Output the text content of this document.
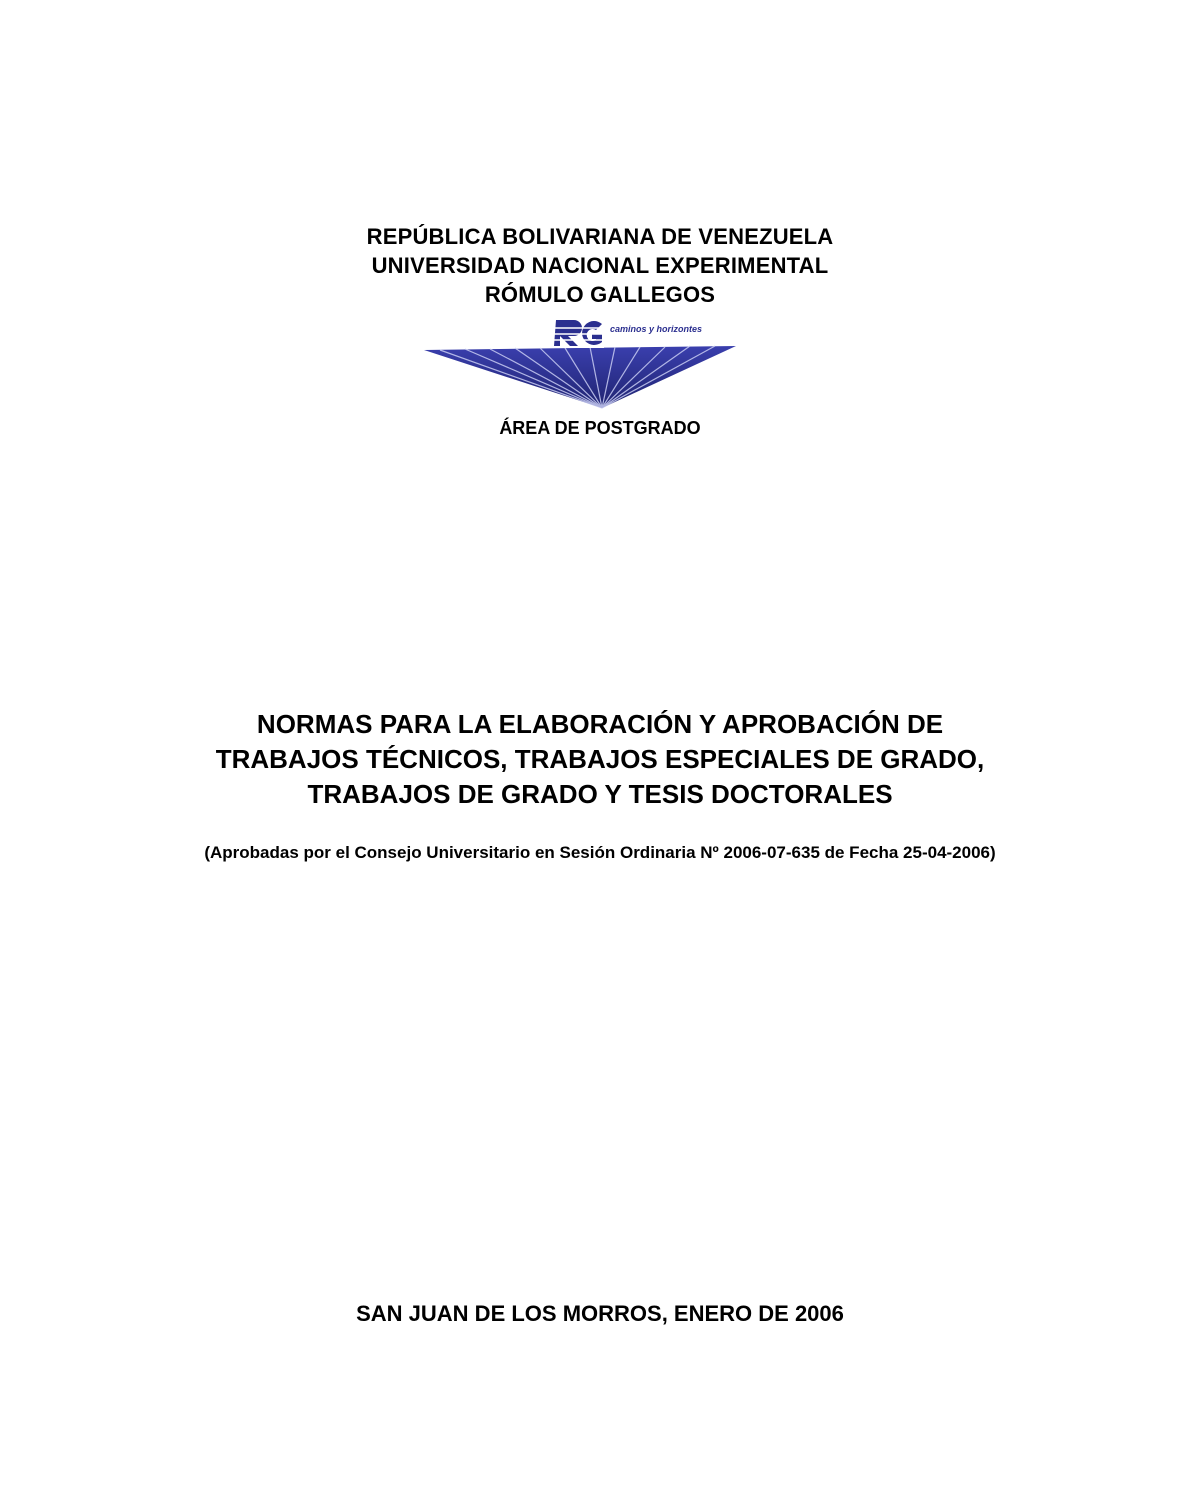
REPÚBLICA BOLIVARIANA DE VENEZUELA
UNIVERSIDAD NACIONAL EXPERIMENTAL
RÓMULO GALLEGOS
caminos y horizontes
ÁREA DE POSTGRADO
NORMAS PARA LA ELABORACIÓN Y APROBACIÓN DE
TRABAJOS TÉCNICOS, TRABAJOS ESPECIALES DE GRADO,
TRABAJOS DE GRADO Y TESIS DOCTORALES
(Aprobadas por el Consejo Universitario en Sesión Ordinaria Nº 2006-07-635 de Fecha 25-04-2006)
SAN JUAN DE LOS MORROS, ENERO DE 2006
